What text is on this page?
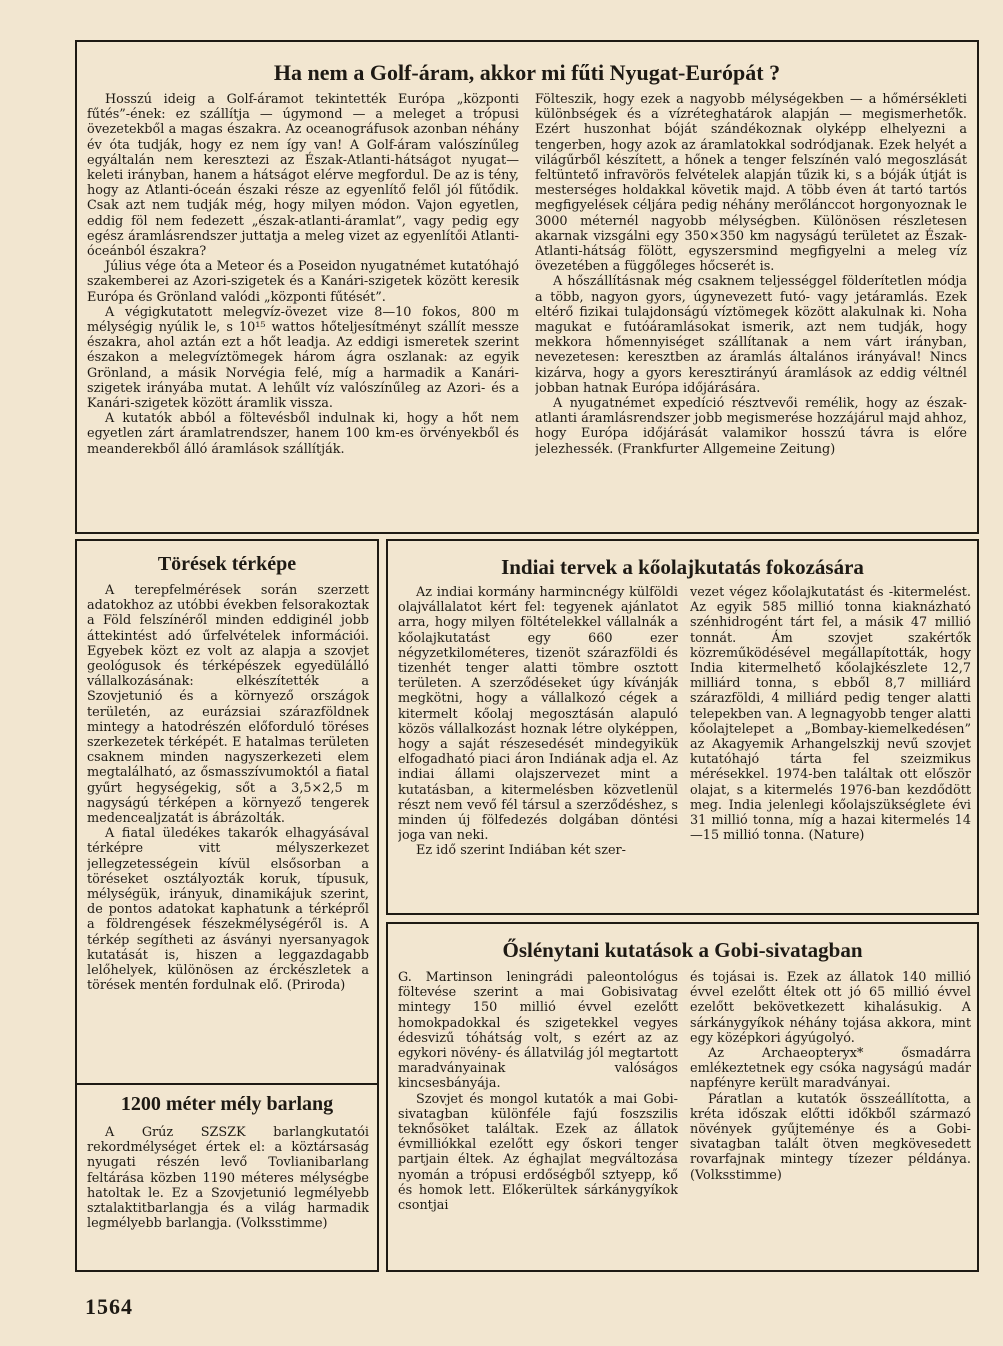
Ha nem a Golf-áram, akkor mi fűti Nyugat-Európát ?

Hosszú ideig a Golf-áramot tekintették Európa „központi fűtés”-ének: ez szállítja — úgymond — a meleget a trópusi övezetekből a magas északra. Az oceanográfusok azonban néhány év óta tudják, hogy ez nem így van! A Golf-áram valószínűleg egyáltalán nem keresztezi az Észak-Atlanti-hátságot nyugat—keleti irányban, hanem a hátságot elérve megfordul. De az is tény, hogy az Atlanti-óceán északi része az egyenlítő felől jól fűtődik. Csak azt nem tudják még, hogy milyen módon. Vajon egyetlen, eddig föl nem fedezett „észak-atlanti-áramlat”, vagy pedig egy egész áramlásrendszer juttatja a meleg vizet az egyenlítői Atlanti-óceánból északra?

Július vége óta a Meteor és a Poseidon nyugatnémet kutatóhajó szakemberei az Azori-szigetek és a Kanári-szigetek között keresik Európa és Grönland valódi „központi fűtését”.

A végigkutatott melegvíz-övezet vize 8—10 fokos, 800 m mélységig nyúlik le, s 10¹⁵ wattos hőteljesítményt szállít messze északra, ahol aztán ezt a hőt leadja. Az eddigi ismeretek szerint északon a melegvíztömegek három ágra oszlanak: az egyik Grönland, a másik Norvégia felé, míg a harmadik a Kanári-szigetek irányába mutat. A lehűlt víz valószínűleg az Azori- és a Kanári-szigetek között áramlik vissza.

A kutatók abból a föltevésből indulnak ki, hogy a hőt nem egyetlen zárt áramlatrendszer, hanem 100 km-es örvényekből és meanderekből álló áramlások szállítják.

Fölteszik, hogy ezek a nagyobb mélységekben — a hőmérsékleti különbségek és a vízréteghatárok alapján — megismerhetők. Ezért huszonhat bóját szándékoznak olyképp elhelyezni a tengerben, hogy azok az áramlatokkal sodródjanak. Ezek helyét a világűrből készített, a hőnek a tenger felszínén való megoszlását feltüntető infravörös felvételek alapján tűzik ki, s a bóják útját is mesterséges holdakkal követik majd. A több éven át tartó tartós megfigyelések céljára pedig néhány merőlánccot horgonyoznak le 3000 méternél nagyobb mélységben. Különösen részletesen akarnak vizsgálni egy 350×350 km nagyságú területet az Észak-Atlanti-hátság fölött, egyszersmind megfigyelni a meleg víz övezetében a függőleges hőcserét is.

A hőszállításnak még csaknem teljességgel földerítetlen módja a több, nagyon gyors, úgynevezett futó- vagy jetáramlás. Ezek eltérő fizikai tulajdonságú víztömegek között alakulnak ki. Noha magukat e futóáramlásokat ismerik, azt nem tudják, hogy mekkora hőmennyiséget szállítanak a nem várt irányban, nevezetesen: keresztben az áramlás általános irányával! Nincs kizárva, hogy a gyors keresztirányú áramlások az eddig véltnél jobban hatnak Európa időjárására.

A nyugatnémet expedíció résztvevői remélik, hogy az észak-atlanti áramlásrendszer jobb megismerése hozzájárul majd ahhoz, hogy Európa időjárását valamikor hosszú távra is előre jelezhessék. (Frankfurter Allgemeine Zeitung)

Törések térképe

A terepfelmérések során szerzett adatokhoz az utóbbi években felsorakoztak a Föld felszínéről minden eddiginél jobb áttekintést adó űrfelvételek információi. Egyebek közt ez volt az alapja a szovjet geológusok és térképészek egyedülálló vállalkozásának: elkészítették a Szovjetunió és a környező országok területén, az eurázsiai szárazföldnek mintegy a hatodrészén előforduló töréses szerkezetek térképét. E hatalmas területen csaknem minden nagyszerkezeti elem megtalálható, az ősmasszívumoktól a fiatal gyűrt hegységekig, sőt a 3,5×2,5 m nagyságú térképen a környező tengerek medencealjzatát is ábrázolták.

A fiatal üledékes takarók elhagyásával térképre vitt mélyszerkezet jellegzetességein kívül elsősorban a töréseket osztályozták koruk, típusuk, mélységük, irányuk, dinamikájuk szerint, de pontos adatokat kaphatunk a térképről a földrengések fészekmélységéről is. A térkép segítheti az ásványi nyersanyagok kutatását is, hiszen a leggazdagabb lelőhelyek, különösen az érckészletek a törések mentén fordulnak elő. (Priroda)

1200 méter mély barlang

A Grúz SZSZK barlangkutatói rekordmélységet értek el: a köztársaság nyugati részén levő Tovlianibarlang feltárása közben 1190 méteres mélységbe hatoltak le. Ez a Szovjetunió legmélyebb sztalaktitbarlangja és a világ harmadik legmélyebb barlangja. (Volksstimme)

Indiai tervek a kőolajkutatás fokozására

Az indiai kormány harmincnégy külföldi olajvállalatot kért fel: tegyenek ajánlatot arra, hogy milyen föltételekkel vállalnák a kőolajkutatást egy 660 ezer négyzetkilométeres, tizenöt szárazföldi és tizenhét tenger alatti tömbre osztott területen. A szerződéseket úgy kívánják megkötni, hogy a vállalkozó cégek a kitermelt kőolaj megosztásán alapuló közös vállalkozást hoznak létre olyképpen, hogy a saját részesedését mindegyikük elfogadható piaci áron Indiának adja el. Az indiai állami olajszervezet mint a kutatásban, a kitermelésben közvetlenül részt nem vevő fél társul a szerződéshez, s minden új fölfedezés dolgában döntési joga van neki.

Ez idő szerint Indiában két szer-

vezet végez kőolajkutatást és -kitermelést. Az egyik 585 millió tonna kiaknázható szénhidrogént tárt fel, a másik 47 millió tonnát. Ám szovjet szakértők közreműködésével megállapították, hogy India kitermelhető kőolajkészlete 12,7 milliárd tonna, s ebből 8,7 milliárd szárazföldi, 4 milliárd pedig tenger alatti telepekben van. A legnagyobb tenger alatti kőolajtelepet a „Bombay-kiemelkedésen” az Akagyemik Arhangelszkij nevű szovjet kutatóhajó tárta fel szeizmikus mérésekkel. 1974-ben találtak ott először olajat, s a kitermelés 1976-ban kezdődött meg. India jelenlegi kőolajszükséglete évi 31 millió tonna, míg a hazai kitermelés 14—15 millió tonna. (Nature)

Őslénytani kutatások a Gobi-sivatagban

G. Martinson leningrádi paleontológus föltevése szerint a mai Gobisivatag mintegy 150 millió évvel ezelőtt homokpadokkal és szigetekkel vegyes édesvizű tóhátság volt, s ezért az az egykori növény- és állatvilág jól megtartott maradványainak valóságos kincsesbányája.

Szovjet és mongol kutatók a mai Gobi-sivatagban különféle fajú foszszilis teknősöket találtak. Ezek az állatok évmilliókkal ezelőtt egy őskori tenger partjain éltek. Az éghajlat megváltozása nyomán a trópusi erdőségből sztyepp, kő és homok lett. Előkerültek sárkánygyíkok csontjai

és tojásai is. Ezek az állatok 140 millió évvel ezelőtt éltek ott jó 65 millió évvel ezelőtt bekövetkezett kihalásukig. A sárkánygyíkok néhány tojása akkora, mint egy középkori ágyúgolyó.

Az Archaeopteryx* ősmadárra emlékeztetnek egy csóka nagyságú madár napfényre került maradványai.

Páratlan a kutatók összeállította, a kréta időszak előtti időkből származó növények gyűjteménye és a Gobi-sivatagban talált ötven megkövesedett rovarfajnak mintegy tízezer példánya. (Volksstimme)

1564
